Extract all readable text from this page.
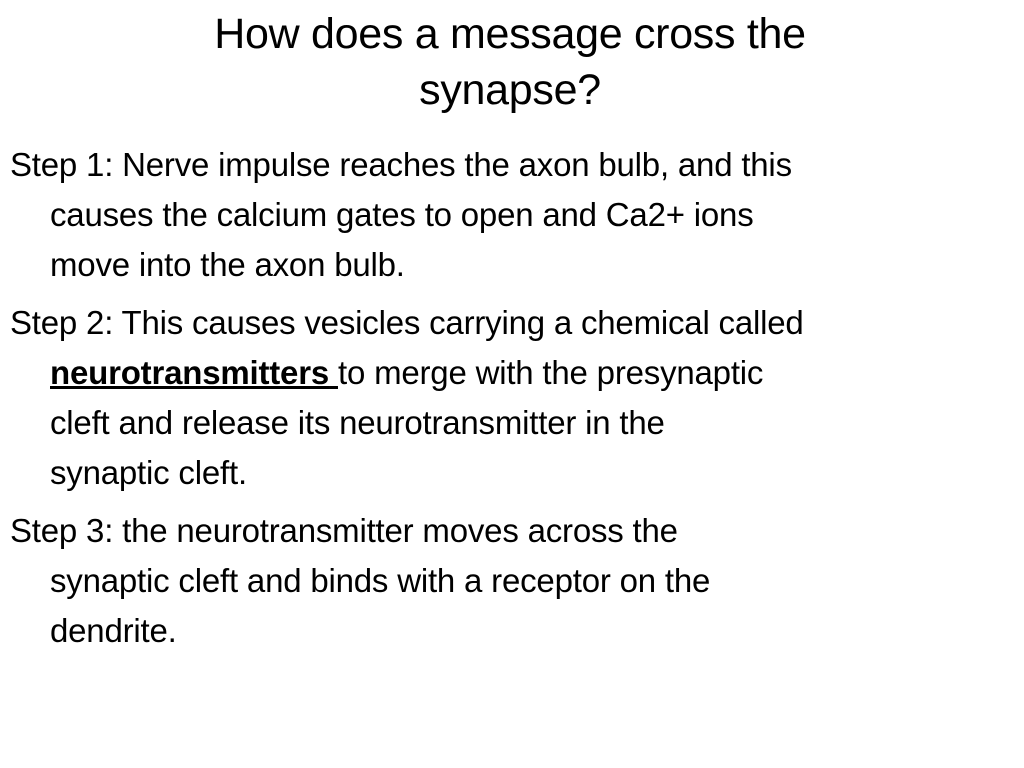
How does a message cross the
synapse?
Step 1: Nerve impulse reaches the axon bulb, and this
causes the calcium gates to open and Ca2+ ions
move into the axon bulb.
Step 2: This causes vesicles carrying a chemical called
neurotransmitters to merge with the presynaptic
cleft and release its neurotransmitter in the
synaptic cleft.
Step 3: the neurotransmitter moves across the
synaptic cleft and binds with a receptor on the
dendrite.
